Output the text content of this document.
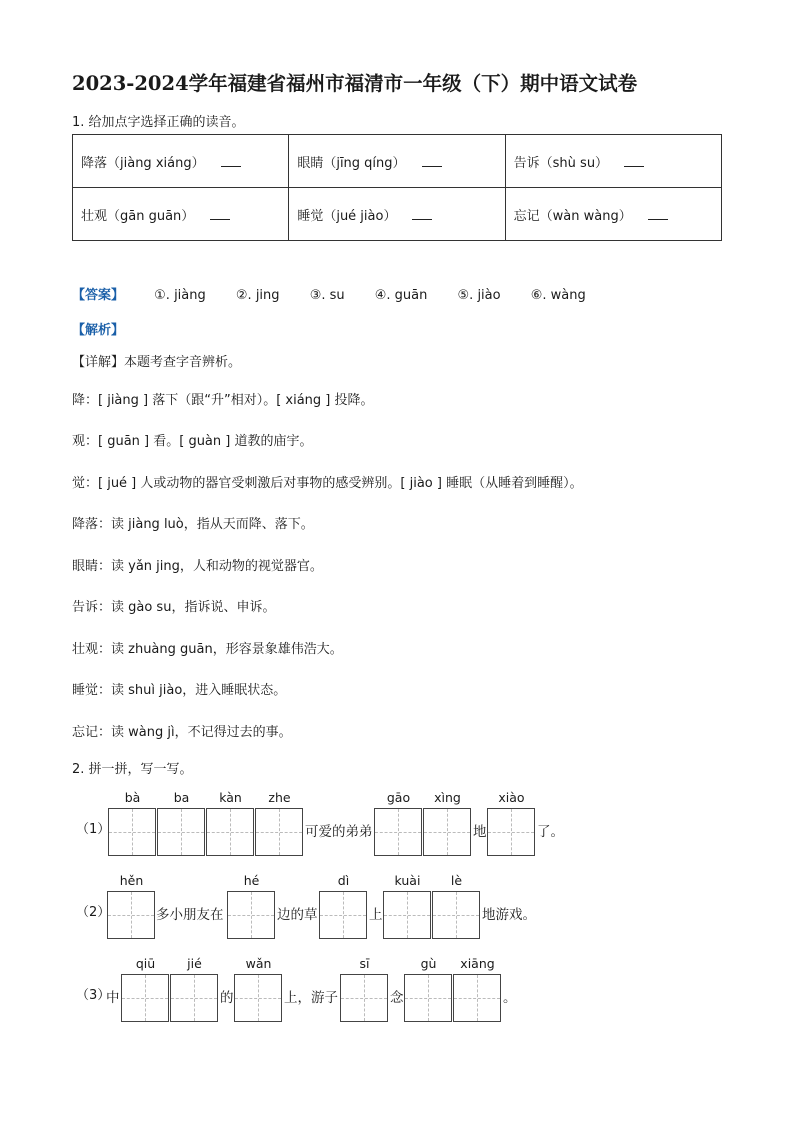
2023-2024学年福建省福州市福清市一年级（下）期中语文试卷
1. 给加点字选择正确的读音。
降落（jiàng xiáng）	眼睛（jīng qíng）	告诉（shù su）
壮观（gān guān）	睡觉（jué jiào）	忘记（wàn wàng）
【答案】 ①. jiàng ②. jing ③. su ④. guān ⑤. jiào ⑥. wàng
【解析】
【详解】本题考查字音辨析。
降：[ jiàng ] 落下（跟“升”相对）。[ xiáng ] 投降。
观：[ guān ] 看。[ guàn ] 道教的庙宇。
觉：[ jué ] 人或动物的器官受刺激后对事物的感受辨别。[ jiào ] 睡眠（从睡着到睡醒）。
降落：读 jiàng luò，指从天而降、落下。
眼睛：读 yǎn jing，人和动物的视觉器官。
告诉：读 gào su，指诉说、申诉。
壮观：读 zhuàng guān，形容景象雄伟浩大。
睡觉：读 shuì jiào，进入睡眠状态。
忘记：读 wàng jì，不记得过去的事。
2. 拼一拼，写一写。
（1）
bà	ba	kàn	zhe
可爱的弟弟
gāo	xìng
地
xiào
了。
（2）
hěn
多小朋友在
hé
边的草
dì
上
kuài	lè
地游戏。
（3）
中
qiū	jié
的
wǎn
上，游子
sī
念
gù	xiāng
。
